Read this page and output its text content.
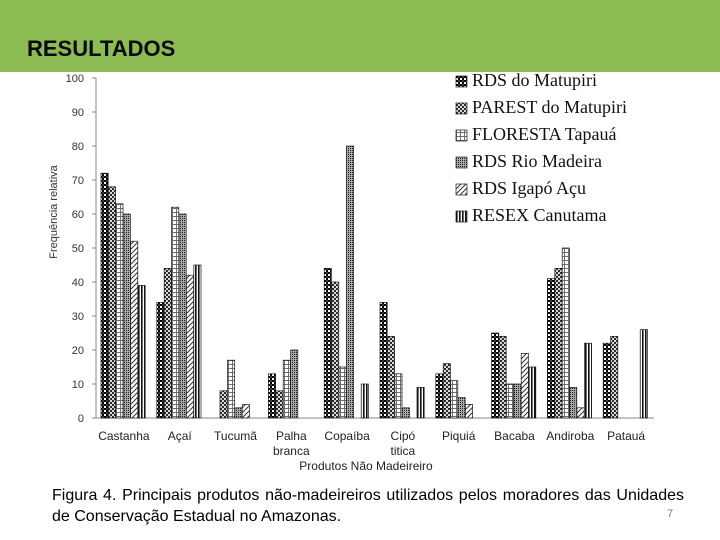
RESULTADOS
0
10
20
30
40
50
60
70
80
90
100
Frequência relativa
Castanha Açaí Tucumã Palha
branca
Copaíba Cipó
titica
Piquiá Bacaba Andiroba Patauá
Produtos Não Madeireiro
RDS do Matupiri
PAREST do Matupiri
FLORESTA Tapauá
RDS Rio Madeira
RDS Igapó Açu
RESEX Canutama
Figura 4. Principais produtos não-madeireiros utilizados pelos moradores das Unidades de Conservação Estadual no Amazonas.	7
